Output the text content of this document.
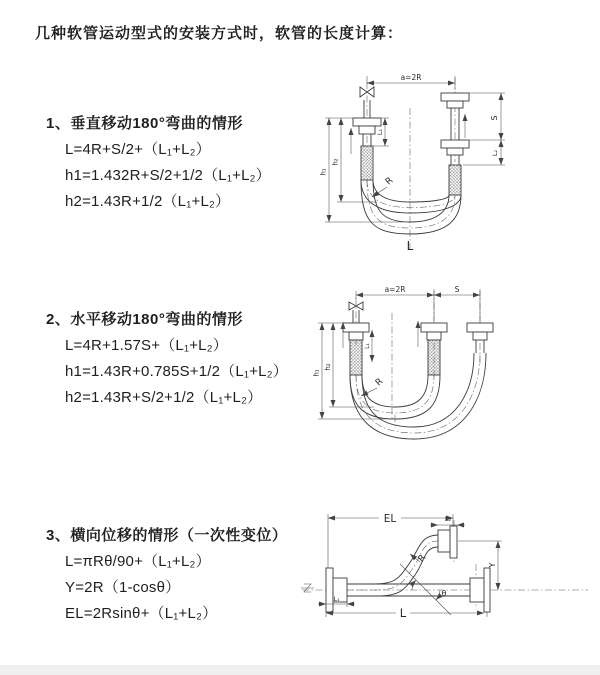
几种软管运动型式的安装方式时，软管的长度计算：
1、垂直移动180°弯曲的情形
L=4R+S/2+（L₁+L₂）
h1=1.432R+S/2+1/2（L₁+L₂）
h2=1.43R+1/2（L₁+L₂）
2、水平移动180°弯曲的情形
L=4R+1.57S+（L₁+L₂）
h1=1.43R+0.785S+1/2（L₁+L₂）
h2=1.43R+S/2+1/2（L₁+L₂）
3、横向位移的情形（一次性变位）
L=πRθ/90+（L₁+L₂）
Y=2R（1-cosθ）
EL=2Rsinθ+（L₁+L₂）
a=2R
S
L₂
L₁
h₂
h₁
R
L
a=2R	S
L₁
h₂
h₁
R
EL	L₂
Y
L
L₁
R
θ
